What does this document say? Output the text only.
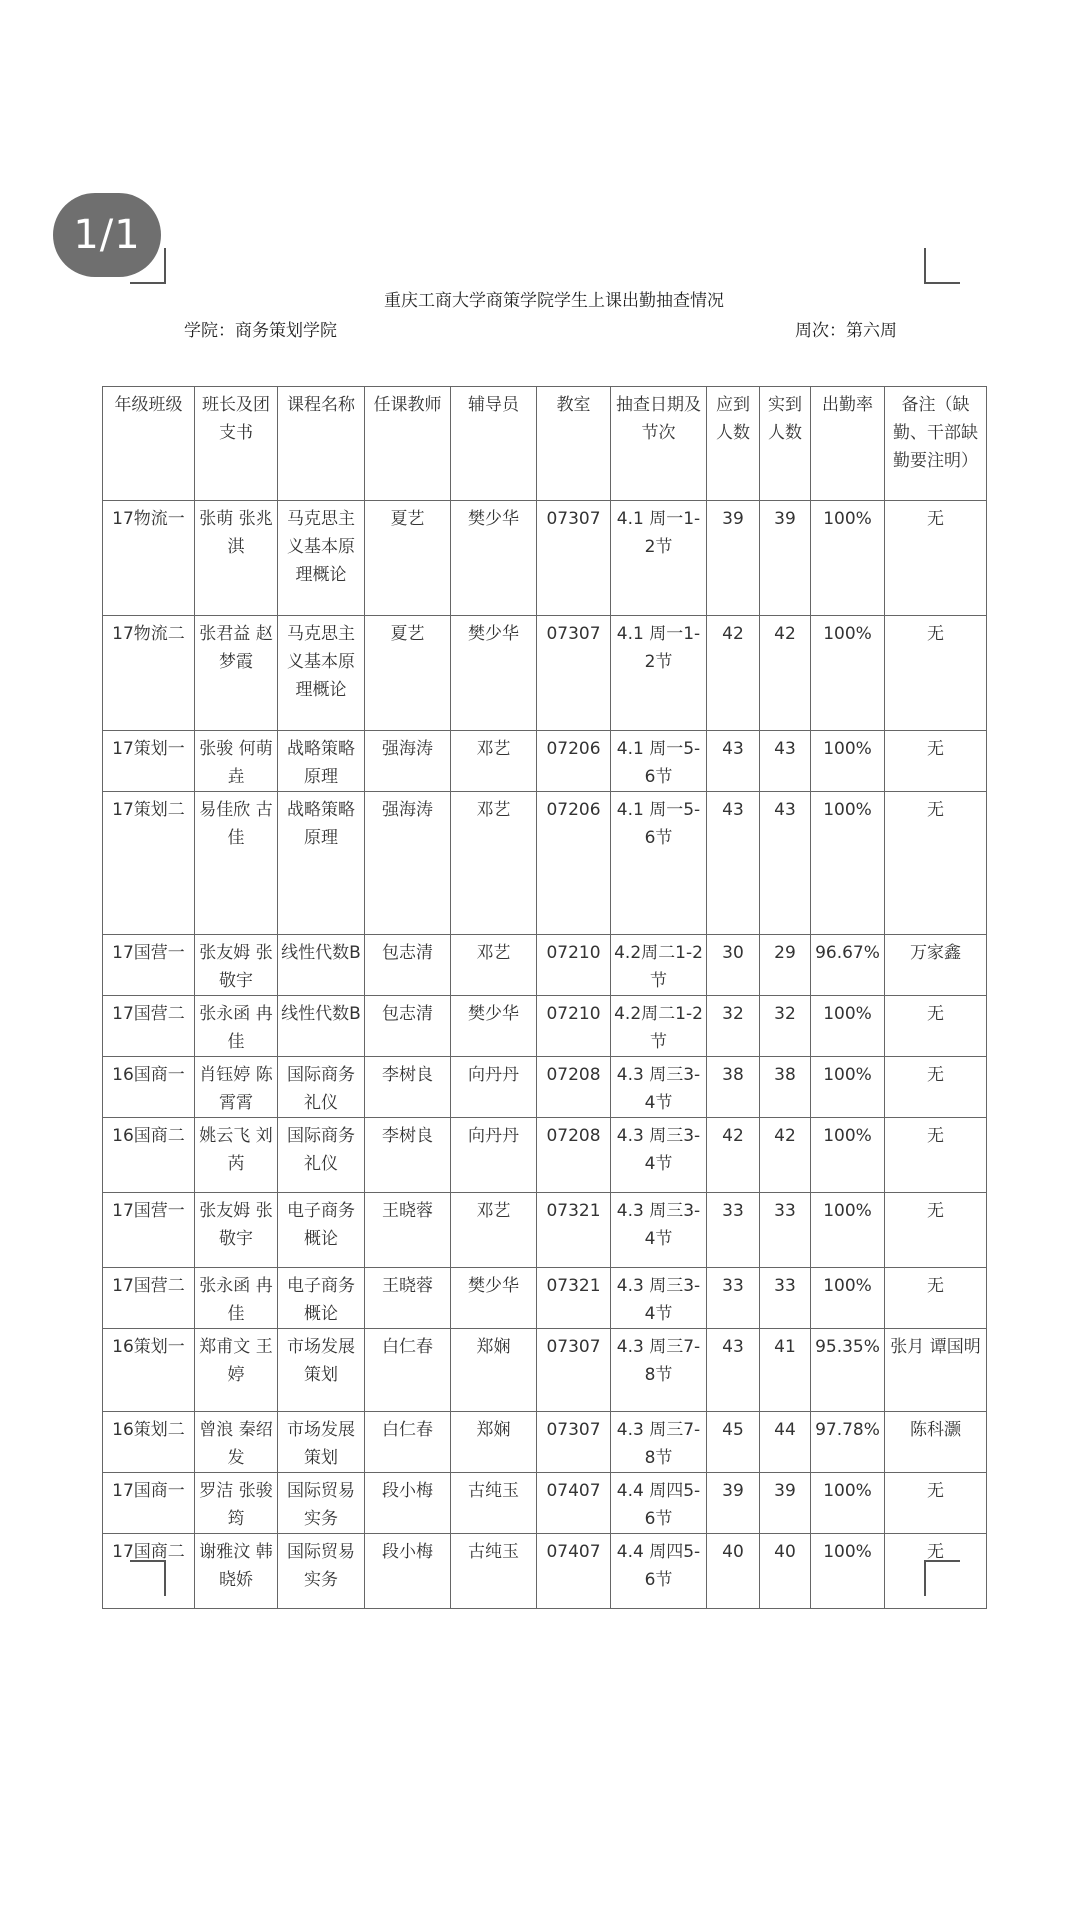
1/1
重庆工商大学商策学院学生上课出勤抽查情况
学院：商务策划学院	周次：第六周
年级班级	班长及团支书	课程名称	任课教师	辅导员	教室	抽查日期及节次	应到人数	实到人数	出勤率	备注（缺勤、干部缺勤要注明）
17物流一	张萌 张兆淇	马克思主义基本原理概论	夏艺	樊少华	07307	4.1 周一1-2节	39	39	100%	无
17物流二	张君益 赵梦霞	马克思主义基本原理概论	夏艺	樊少华	07307	4.1 周一1-2节	42	42	100%	无
17策划一	张骏 何萌垚	战略策略原理	强海涛	邓艺	07206	4.1 周一5-6节	43	43	100%	无
17策划二	易佳欣 古佳	战略策略原理	强海涛	邓艺	07206	4.1 周一5-6节	43	43	100%	无
17国营一	张友姆 张敬宇	线性代数B	包志清	邓艺	07210	4.2周二1-2节	30	29	96.67%	万家鑫
17国营二	张永函 冉佳	线性代数B	包志清	樊少华	07210	4.2周二1-2节	32	32	100%	无
16国商一	肖钰婷 陈霄霄	国际商务礼仪	李树良	向丹丹	07208	4.3 周三3-4节	38	38	100%	无
16国商二	姚云飞 刘芮	国际商务礼仪	李树良	向丹丹	07208	4.3 周三3-4节	42	42	100%	无
17国营一	张友姆 张敬宇	电子商务概论	王晓蓉	邓艺	07321	4.3 周三3-4节	33	33	100%	无
17国营二	张永函 冉佳	电子商务概论	王晓蓉	樊少华	07321	4.3 周三3-4节	33	33	100%	无
16策划一	郑甫文 王婷	市场发展策划	白仁春	郑娴	07307	4.3 周三7-8节	43	41	95.35%	张月 谭国明
16策划二	曾浪 秦绍发	市场发展策划	白仁春	郑娴	07307	4.3 周三7-8节	45	44	97.78%	陈科灏
17国商一	罗洁 张骏筠	国际贸易实务	段小梅	古纯玉	07407	4.4 周四5-6节	39	39	100%	无
17国商二	谢雅汶 韩晓娇	国际贸易实务	段小梅	古纯玉	07407	4.4 周四5-6节	40	40	100%	无
